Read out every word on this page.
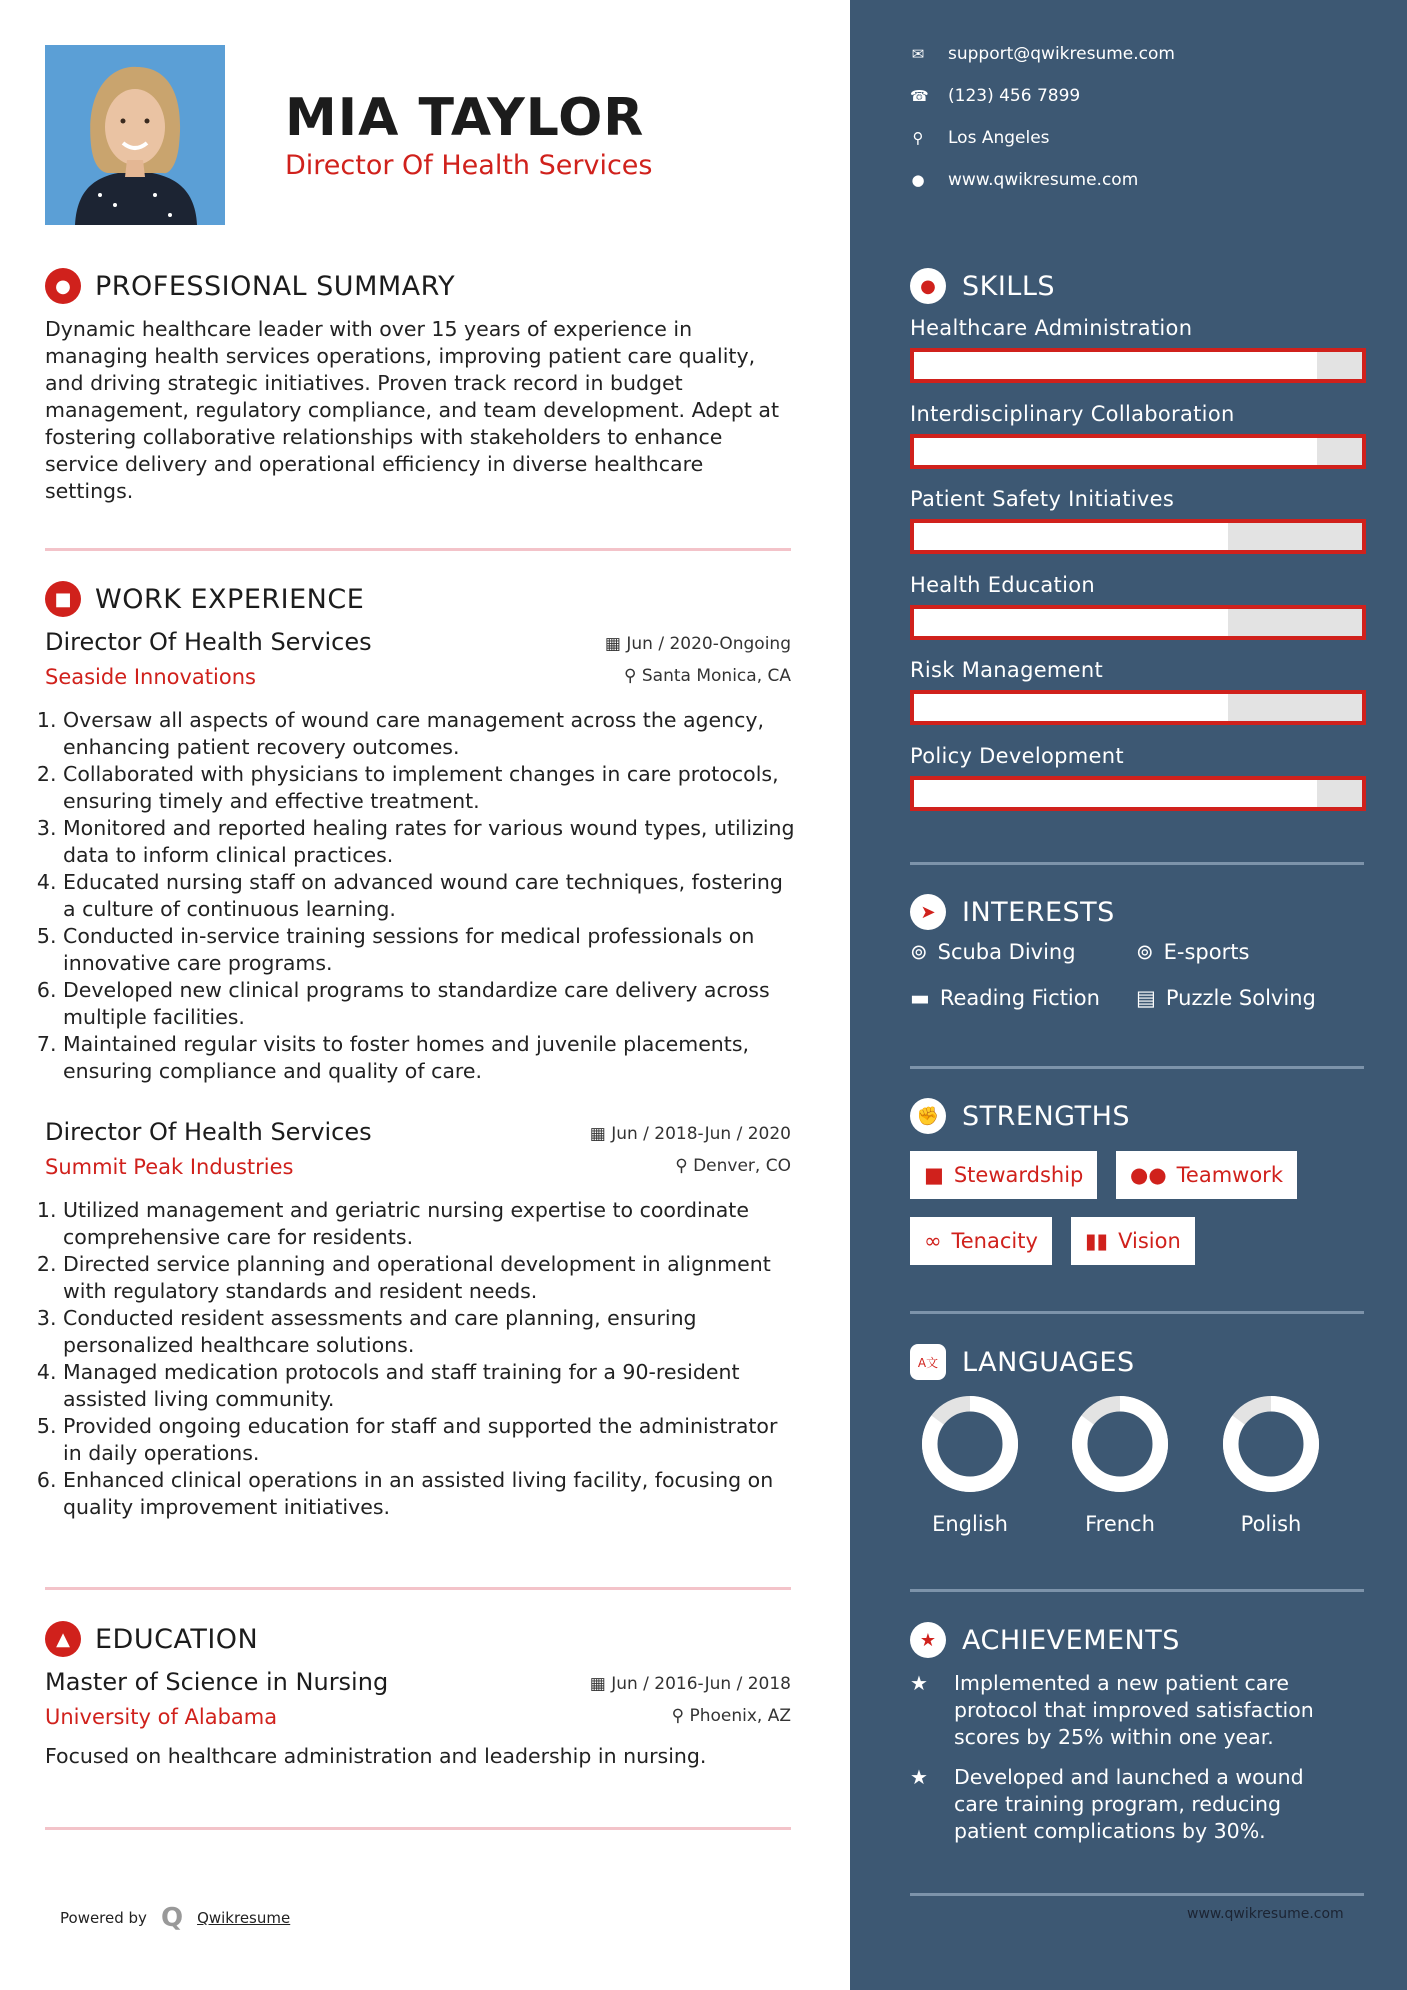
MIA TAYLOR
Director Of Health Services
✉ support@qwikresume.com
☎ (123) 456 7899
⚲ Los Angeles
● www.qwikresume.com
● PROFESSIONAL SUMMARY
Dynamic healthcare leader with over 15 years of experience in managing health services operations, improving patient care quality, and driving strategic initiatives. Proven track record in budget management, regulatory compliance, and team development. Adept at fostering collaborative relationships with stakeholders to enhance service delivery and operational efficiency in diverse healthcare settings.
■ WORK EXPERIENCE
Director Of Health Services
Seaside Innovations
▦ Jun / 2020-Ongoing
⚲ Santa Monica, CA
1. Oversaw all aspects of wound care management across the agency, enhancing patient recovery outcomes.
2. Collaborated with physicians to implement changes in care protocols, ensuring timely and effective treatment.
3. Monitored and reported healing rates for various wound types, utilizing data to inform clinical practices.
4. Educated nursing staff on advanced wound care techniques, fostering a culture of continuous learning.
5. Conducted in-service training sessions for medical professionals on innovative care programs.
6. Developed new clinical programs to standardize care delivery across multiple facilities.
7. Maintained regular visits to foster homes and juvenile placements, ensuring compliance and quality of care.
Director Of Health Services
Summit Peak Industries
▦ Jun / 2018-Jun / 2020
⚲ Denver, CO
1. Utilized management and geriatric nursing expertise to coordinate comprehensive care for residents.
2. Directed service planning and operational development in alignment with regulatory standards and resident needs.
3. Conducted resident assessments and care planning, ensuring personalized healthcare solutions.
4. Managed medication protocols and staff training for a 90-resident assisted living community.
5. Provided ongoing education for staff and supported the administrator in daily operations.
6. Enhanced clinical operations in an assisted living facility, focusing on quality improvement initiatives.
▲ EDUCATION
Master of Science in Nursing
University of Alabama
▦ Jun / 2016-Jun / 2018
⚲ Phoenix, AZ
Focused on healthcare administration and leadership in nursing.
Powered by Q Qwikresume
● SKILLS
Healthcare Administration
Interdisciplinary Collaboration
Patient Safety Initiatives
Health Education
Risk Management
Policy Development
➤ INTERESTS
⊚ Scuba Diving	⊚ E-sports
▬ Reading Fiction ▤ Puzzle Solving
✊ STRENGTHS
■ Stewardship ●● Teamwork
∞ Tenacity ▮▮ Vision
A文 LANGUAGES
English	French	Polish
★ ACHIEVEMENTS
★	Implemented a new patient care protocol that improved satisfaction scores by 25% within one year.
★	Developed and launched a wound care training program, reducing patient complications by 30%.
www.qwikresume.com
